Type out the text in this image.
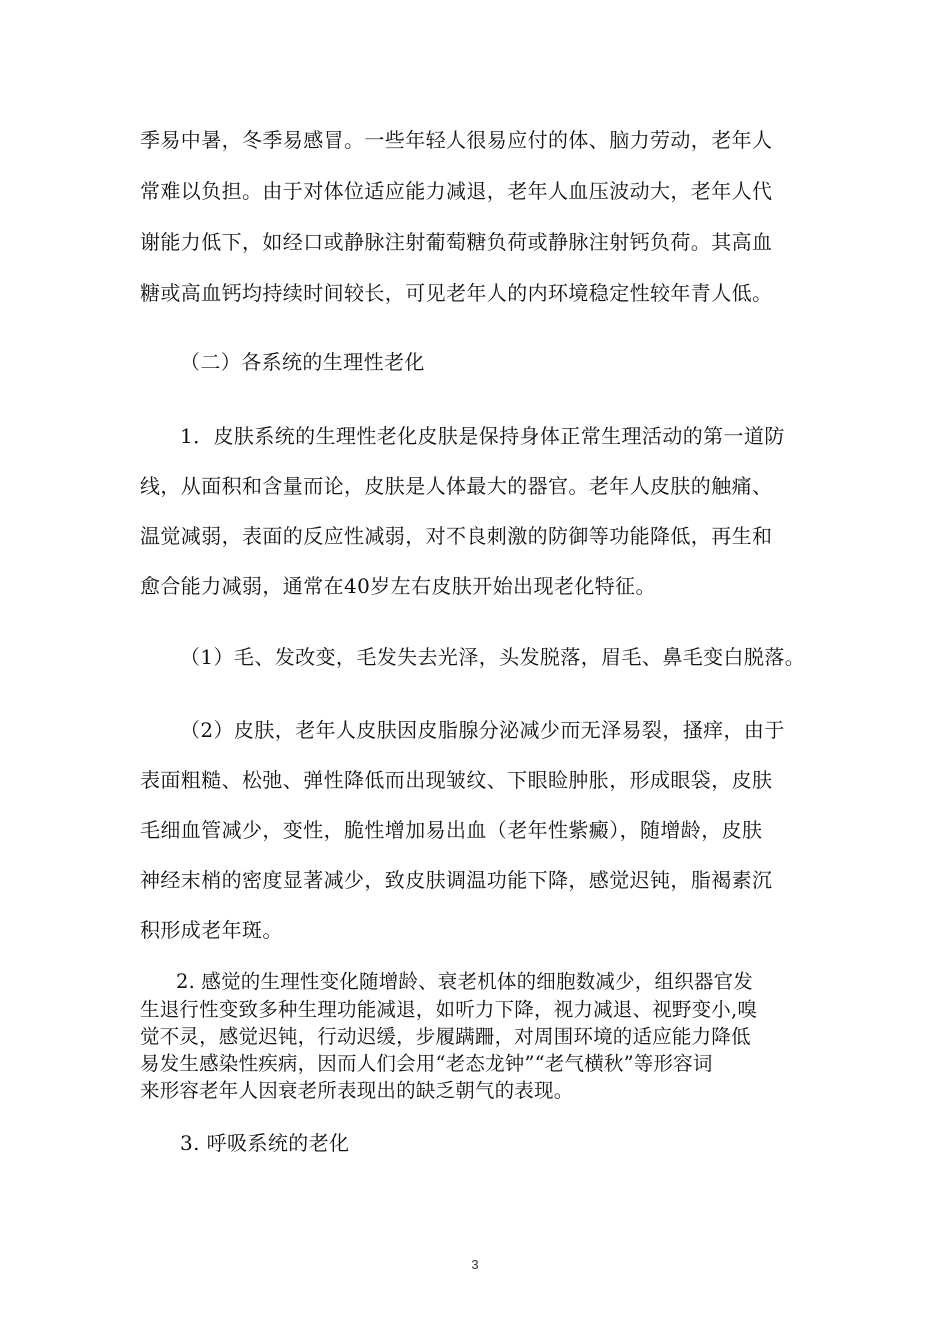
季易中暑，冬季易感冒。一些年轻人很易应付的体、脑力劳动，老年人
常难以负担。由于对体位适应能力减退，老年人血压波动大，老年人代
谢能力低下，如经口或静脉注射葡萄糖负荷或静脉注射钙负荷。其高血
糖或高血钙均持续时间较长，可见老年人的内环境稳定性较年青人低。
（二）各系统的生理性老化
1．皮肤系统的生理性老化皮肤是保持身体正常生理活动的第一道防
线，从面积和含量而论，皮肤是人体最大的器官。老年人皮肤的触痛、
温觉减弱，表面的反应性减弱，对不良刺激的防御等功能降低，再生和
愈合能力减弱，通常在40岁左右皮肤开始出现老化特征。
（1）毛、发改变，毛发失去光泽，头发脱落，眉毛、鼻毛变白脱落。
（2）皮肤，老年人皮肤因皮脂腺分泌减少而无泽易裂，搔痒，由于
表面粗糙、松弛、弹性降低而出现皱纹、下眼睑肿胀，形成眼袋，皮肤
毛细血管减少，变性，脆性增加易出血（老年性紫癜），随增龄，皮肤
神经末梢的密度显著减少，致皮肤调温功能下降，感觉迟钝，脂褐素沉
积形成老年斑。
2. 感觉的生理性变化随增龄、衰老机体的细胞数减少，组织器官发
生退行性变致多种生理功能减退，如听力下降，视力减退、视野变小,嗅
觉不灵，感觉迟钝，行动迟缓，步履蹒跚，对周围环境的适应能力降低
易发生感染性疾病，因而人们会用“老态龙钟”“老气横秋”等形容词
来形容老年人因衰老所表现出的缺乏朝气的表现。
3. 呼吸系统的老化
3
